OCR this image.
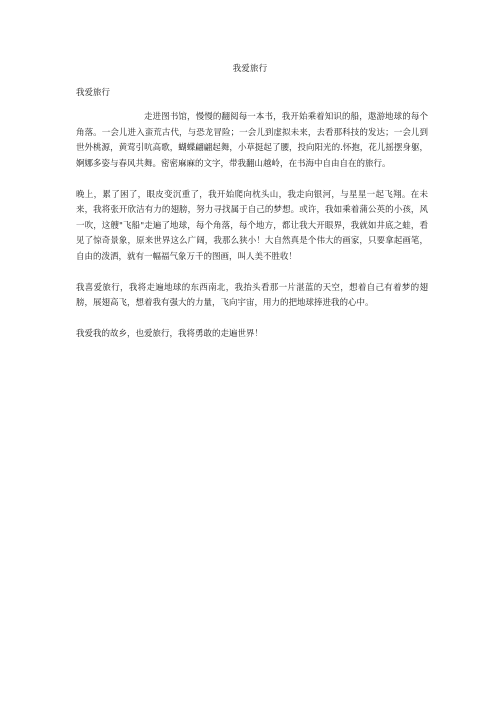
我爱旅行
我爱旅行

走进图书馆，慢慢的翻阅每一本书，我开始乘着知识的船，遨游地球的每个角落。一会儿进入蛮荒古代，与恐龙冒险；一会儿到虚拟未来，去看那科技的发达；一会儿到世外桃源，黄莺引吭高歌，蝴蝶翩翩起舞，小草挺起了腰，投向阳光的.怀抱，花儿摇摆身躯，婀娜多姿与春风共舞。密密麻麻的文字，带我翻山越岭，在书海中自由自在的旅行。

晚上，累了困了，眼皮变沉重了，我开始爬向枕头山，我走向银河，与星星一起飞翔。在未来，我将张开欣洁有力的翅膀，努力寻找属于自己的梦想。或许，我如乘着蒲公英的小孩，风一吹，这艘"飞船"走遍了地球，每个角落，每个地方，都让我大开眼界，我就如井底之蛙，看见了惊奇景象，原来世界这么广阔，我那么狭小！大自然真是个伟大的画家，只要拿起画笔，自由的泼洒，就有一幅福气象万千的图画，叫人美不胜收！

我喜爱旅行，我将走遍地球的东西南北，我抬头看那一片湛蓝的天空，想着自己有着梦的翅膀，展翅高飞，想着我有强大的力量，飞向宇宙，用力的把地球捧进我的心中。

我爱我的故乡，也爱旅行，我将勇敢的走遍世界！
